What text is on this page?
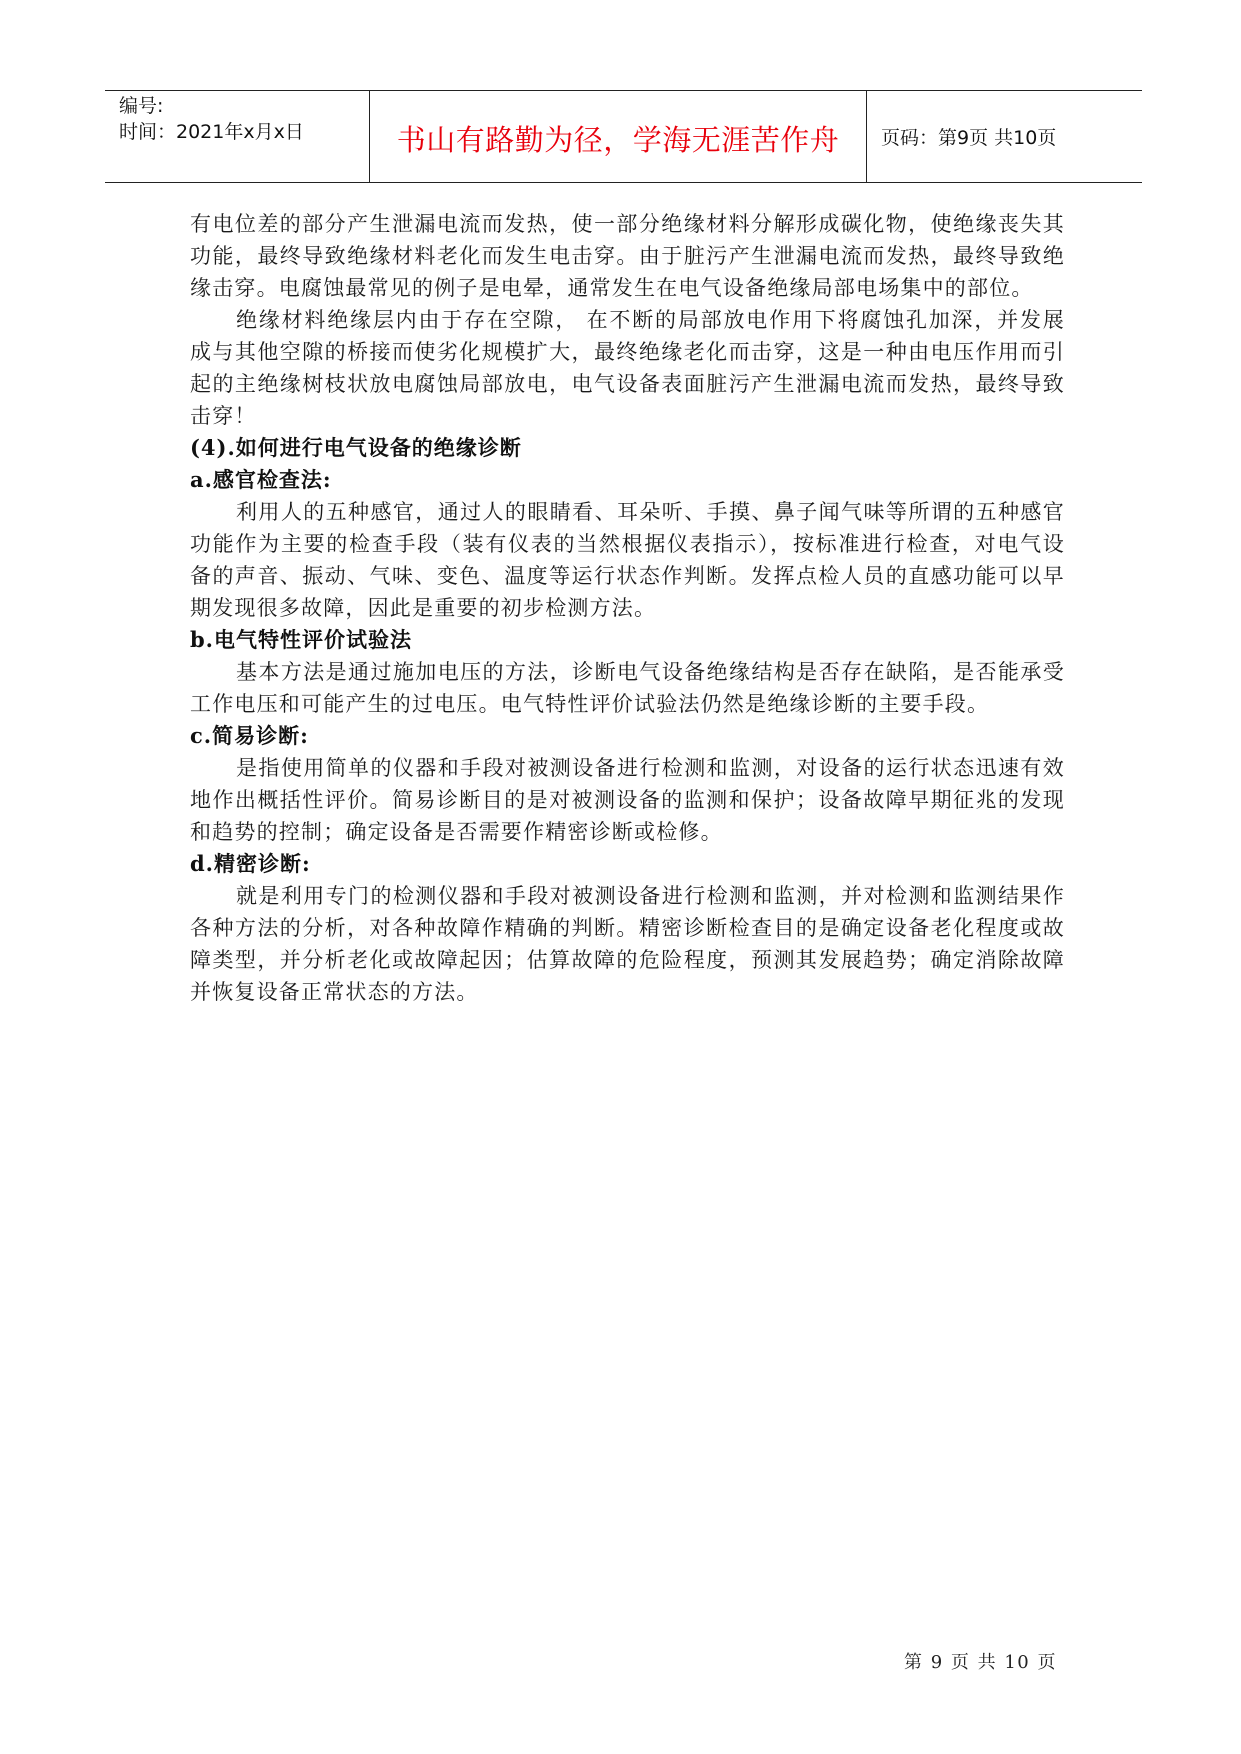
编号:
时间：2021年x月x日	书山有路勤为径，学海无涯苦作舟 页码：第9页 共10页

有电位差的部分产生泄漏电流而发热，使一部分绝缘材料分解形成碳化物，使绝缘丧失其功能，最终导致绝缘材料老化而发生电击穿。由于脏污产生泄漏电流而发热，最终导致绝缘击穿。电腐蚀最常见的例子是电晕，通常发生在电气设备绝缘局部电场集中的部位。

绝缘材料绝缘层内由于存在空隙， 在不断的局部放电作用下将腐蚀孔加深，并发展成与其他空隙的桥接而使劣化规模扩大，最终绝缘老化而击穿，这是一种由电压作用而引起的主绝缘树枝状放电腐蚀局部放电，电气设备表面脏污产生泄漏电流而发热，最终导致击穿！

(4).如何进行电气设备的绝缘诊断

a.感官检查法:

利用人的五种感官，通过人的眼睛看、耳朵听、手摸、鼻子闻气味等所谓的五种感官功能作为主要的检查手段（装有仪表的当然根据仪表指示），按标准进行检查，对电气设备的声音、振动、气味、变色、温度等运行状态作判断。发挥点检人员的直感功能可以早期发现很多故障，因此是重要的初步检测方法。

b.电气特性评价试验法

基本方法是通过施加电压的方法，诊断电气设备绝缘结构是否存在缺陷，是否能承受工作电压和可能产生的过电压。电气特性评价试验法仍然是绝缘诊断的主要手段。

c.简易诊断:

是指使用简单的仪器和手段对被测设备进行检测和监测，对设备的运行状态迅速有效地作出概括性评价。简易诊断目的是对被测设备的监测和保护；设备故障早期征兆的发现和趋势的控制；确定设备是否需要作精密诊断或检修。

d.精密诊断:

就是利用专门的检测仪器和手段对被测设备进行检测和监测，并对检测和监测结果作各种方法的分析，对各种故障作精确的判断。精密诊断检查目的是确定设备老化程度或故障类型，并分析老化或故障起因；估算故障的危险程度，预测其发展趋势；确定消除故障并恢复设备正常状态的方法。

第 9 页 共 10 页
